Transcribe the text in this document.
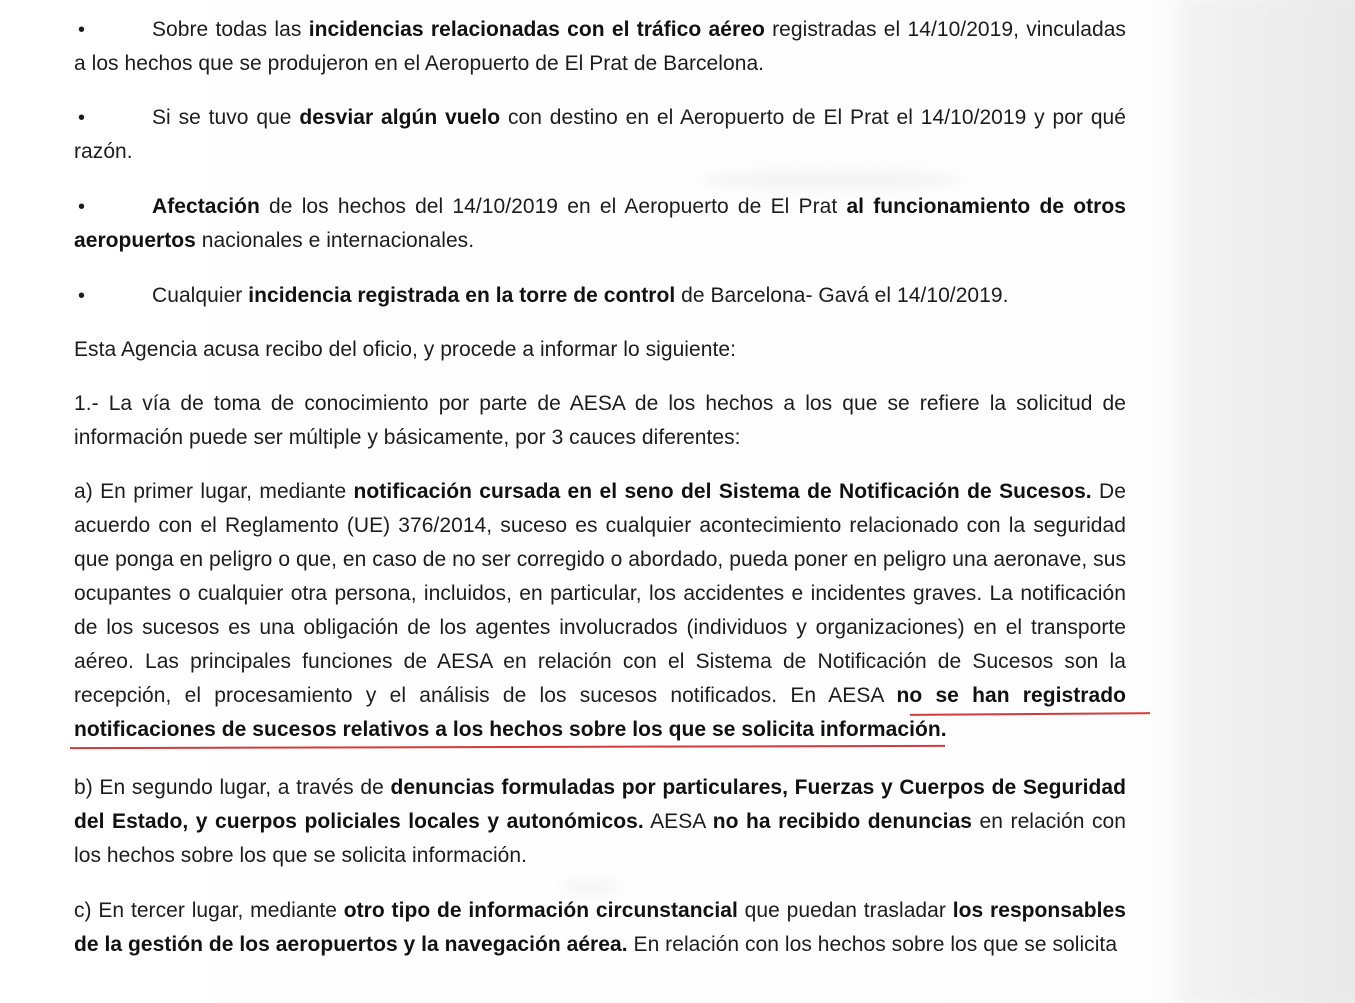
•	Sobre todas las incidencias relacionadas con el tráfico aéreo registradas el 14/10/2019, vinculadas a los hechos que se produjeron en el Aeropuerto de El Prat de Barcelona.

•	Si se tuvo que desviar algún vuelo con destino en el Aeropuerto de El Prat el 14/10/2019 y por qué razón.

•	Afectación de los hechos del 14/10/2019 en el Aeropuerto de El Prat al funcionamiento de otros aeropuertos nacionales e internacionales.

•	Cualquier incidencia registrada en la torre de control de Barcelona- Gavá el 14/10/2019.

Esta Agencia acusa recibo del oficio, y procede a informar lo siguiente:

1.- La vía de toma de conocimiento por parte de AESA de los hechos a los que se refiere la solicitud de información puede ser múltiple y básicamente, por 3 cauces diferentes:

a) En primer lugar, mediante notificación cursada en el seno del Sistema de Notificación de Sucesos. De acuerdo con el Reglamento (UE) 376/2014, suceso es cualquier acontecimiento relacionado con la seguridad que ponga en peligro o que, en caso de no ser corregido o abordado, pueda poner en peligro una aeronave, sus ocupantes o cualquier otra persona, incluidos, en particular, los accidentes e incidentes graves. La notificación de los sucesos es una obligación de los agentes involucrados (individuos y organizaciones) en el transporte aéreo. Las principales funciones de AESA en relación con el Sistema de Notificación de Sucesos son la recepción, el procesamiento y el análisis de los sucesos notificados. En AESA no se han registrado notificaciones de sucesos relativos a los hechos sobre los que se solicita información.

b) En segundo lugar, a través de denuncias formuladas por particulares, Fuerzas y Cuerpos de Seguridad del Estado, y cuerpos policiales locales y autonómicos. AESA no ha recibido denuncias en relación con los hechos sobre los que se solicita información.

c) En tercer lugar, mediante otro tipo de información circunstancial que puedan trasladar los responsables de la gestión de los aeropuertos y la navegación aérea. En relación con los hechos sobre los que se solicita
